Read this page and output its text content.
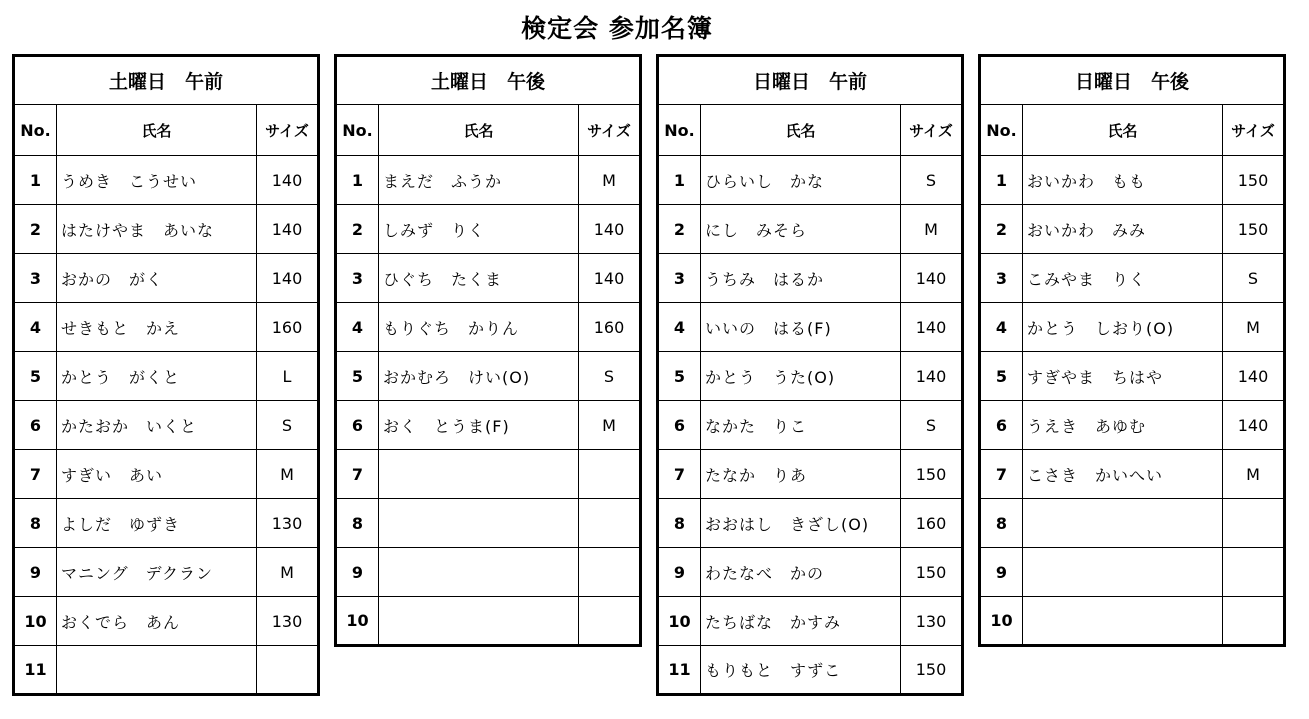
検定会 参加名簿
土曜日　午前		
No.	氏名	サイズ
1	うめき　こうせい	140
2	はたけやま　あいな	140
3	おかの　がく	140
4	せきもと　かえ	160
5	かとう　がくと	L
6	かたおか　いくと	S
7	すぎい　あい	M
8	よしだ　ゆずき	130
9	マニング　デクラン	M
10	おくでら　あん	130
11		
土曜日　午後		
No.	氏名	サイズ
1	まえだ　ふうか	M
2	しみず　りく	140
3	ひぐち　たくま	140
4	もりぐち　かりん	160
5	おかむろ　けい(O)	S
6	おく　とうま(F)	M
7		
8		
9		
10		
日曜日　午前		
No.	氏名	サイズ
1	ひらいし　かな	S
2	にし　みそら	M
3	うちみ　はるか	140
4	いいの　はる(F)	140
5	かとう　うた(O)	140
6	なかた　りこ	S
7	たなか　りあ	150
8	おおはし　きざし(O)	160
9	わたなべ　かの	150
10	たちばな　かすみ	130
11	もりもと　すずこ	150
日曜日　午後		
No.	氏名	サイズ
1	おいかわ　もも	150
2	おいかわ　みみ	150
3	こみやま　りく	S
4	かとう　しおり(O)	M
5	すぎやま　ちはや	140
6	うえき　あゆむ	140
7	こさき　かいへい	M
8		
9		
10		
